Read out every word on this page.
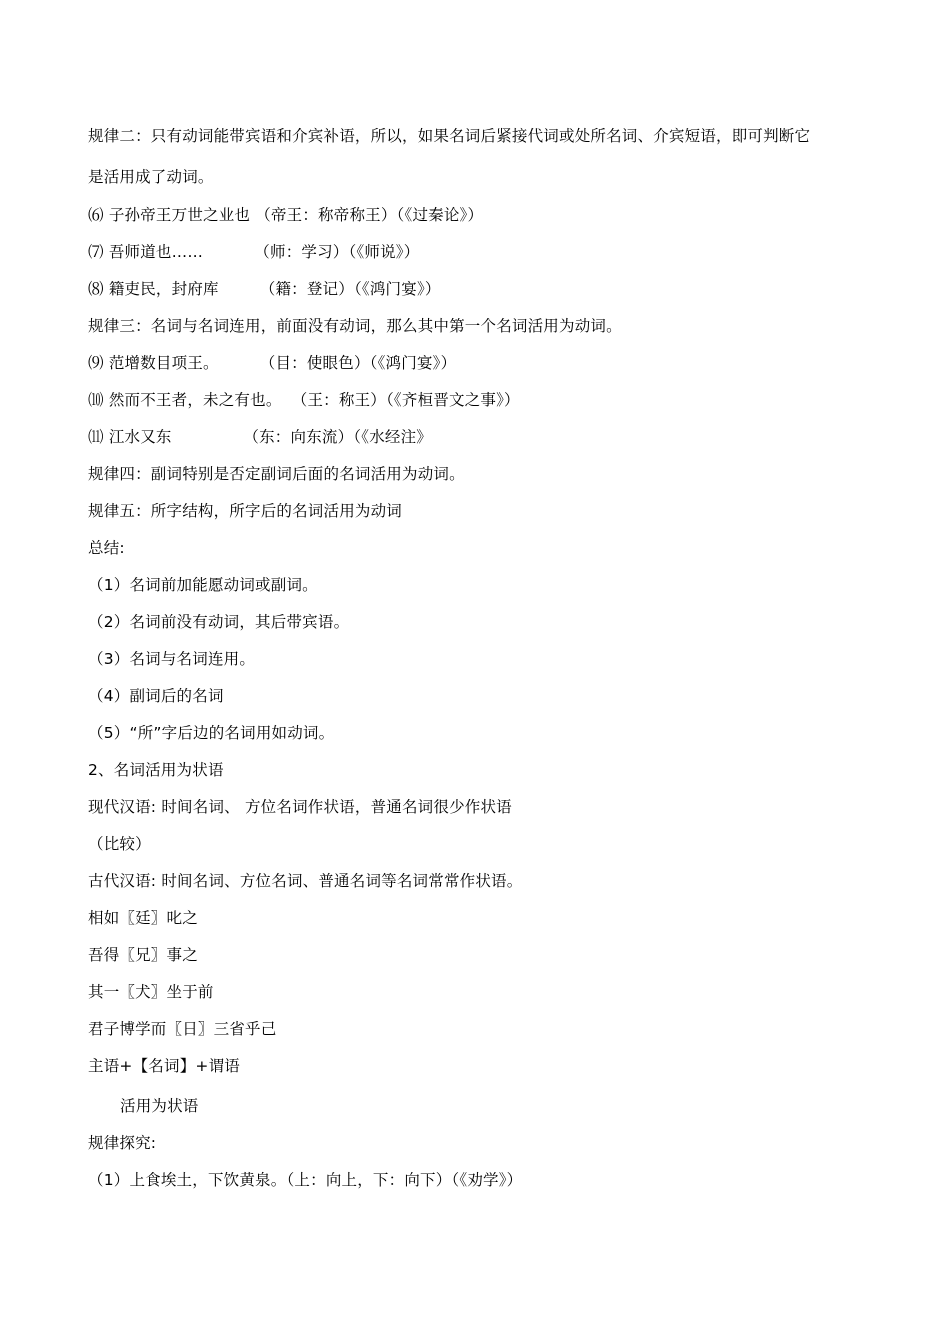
规律二：只有动词能带宾语和介宾补语，所以，如果名词后紧接代词或处所名词、介宾短语，即可判断它
是活用成了动词。
⑹ 子孙帝王万世之业也 （帝王：称帝称王）（《过秦论》）
⑺ 吾师道也……          （师：学习）（《师说》）
⑻ 籍吏民，封府库        （籍：登记）（《鸿门宴》）
规律三：名词与名词连用，前面没有动词，那么其中第一个名词活用为动词。
⑼ 范增数目项王。        （目：使眼色）（《鸿门宴》）
⑽ 然而不王者，未之有也。  （王：称王）（《齐桓晋文之事》）
⑾ 江水又东              （东：向东流）（《水经注》
规律四：副词特别是否定副词后面的名词活用为动词。
规律五：所字结构，所字后的名词活用为动词
总结:
（1）名词前加能愿动词或副词。
（2）名词前没有动词，其后带宾语。
（3）名词与名词连用。
（4）副词后的名词
（5）“所”字后边的名词用如动词。
2、名词活用为状语
现代汉语: 时间名词、 方位名词作状语，普通名词很少作状语
（比较）
古代汉语: 时间名词、方位名词、普通名词等名词常常作状语。
相如〖廷〗叱之
吾得〖兄〗事之
其一〖犬〗坐于前
君子博学而〖日〗三省乎己
主语+【名词】+谓语
活用为状语
规律探究:
（1）上食埃土，下饮黄泉。（上：向上，下：向下）（《劝学》）
